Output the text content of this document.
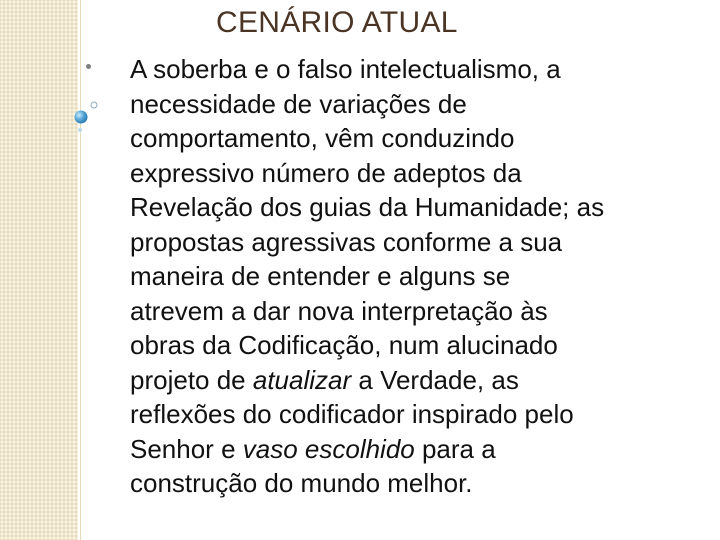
CENÁRIO ATUAL

A soberba e o falso intelectualismo, a
necessidade de variações de
comportamento, vêm conduzindo
expressivo número de adeptos da
Revelação dos guias da Humanidade; as
propostas agressivas conforme a sua
maneira de entender e alguns se
atrevem a dar nova interpretação às
obras da Codificação, num alucinado
projeto de atualizar a Verdade, as
reflexões do codificador inspirado pelo
Senhor e vaso escolhido para a
construção do mundo melhor.
